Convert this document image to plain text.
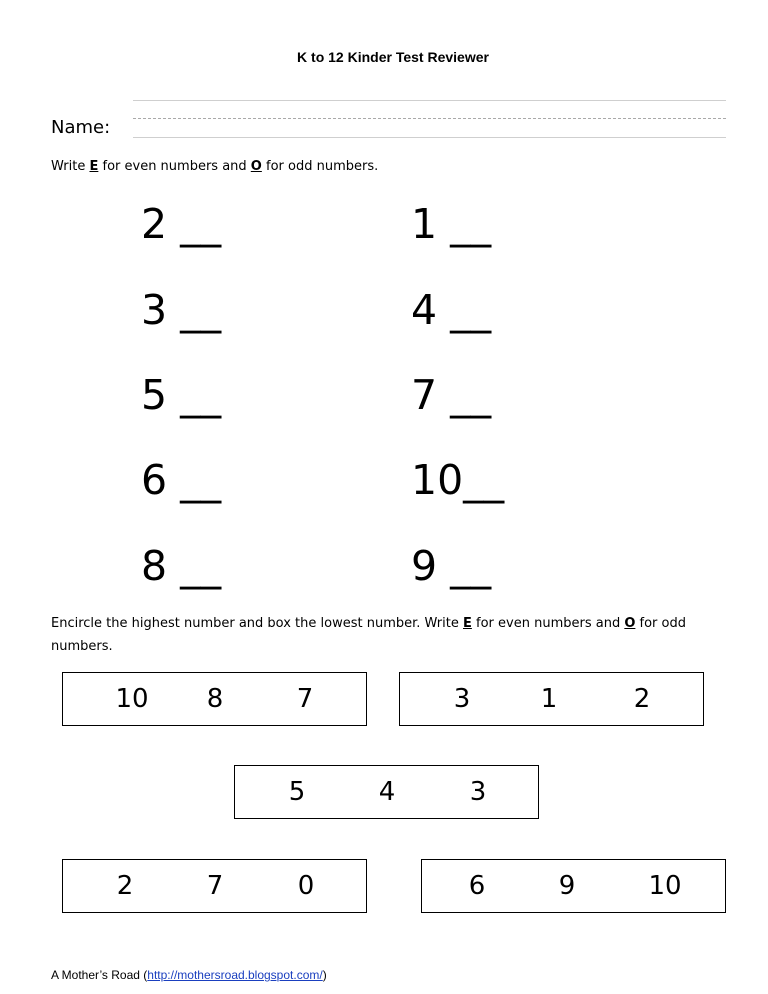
K to 12 Kinder Test Reviewer
Name:
Write E for even numbers and O for odd numbers.
2 __
3 __
5 __
6 __
8 __
1 __
4 __
7 __
10__
9 __
Encircle the highest number and box the lowest number. Write E for even numbers and O for odd numbers.
10	8	7	3	1	2
5	4	3
2	7	0	6	9	10
A Mother’s Road (http://mothersroad.blogspot.com/)
